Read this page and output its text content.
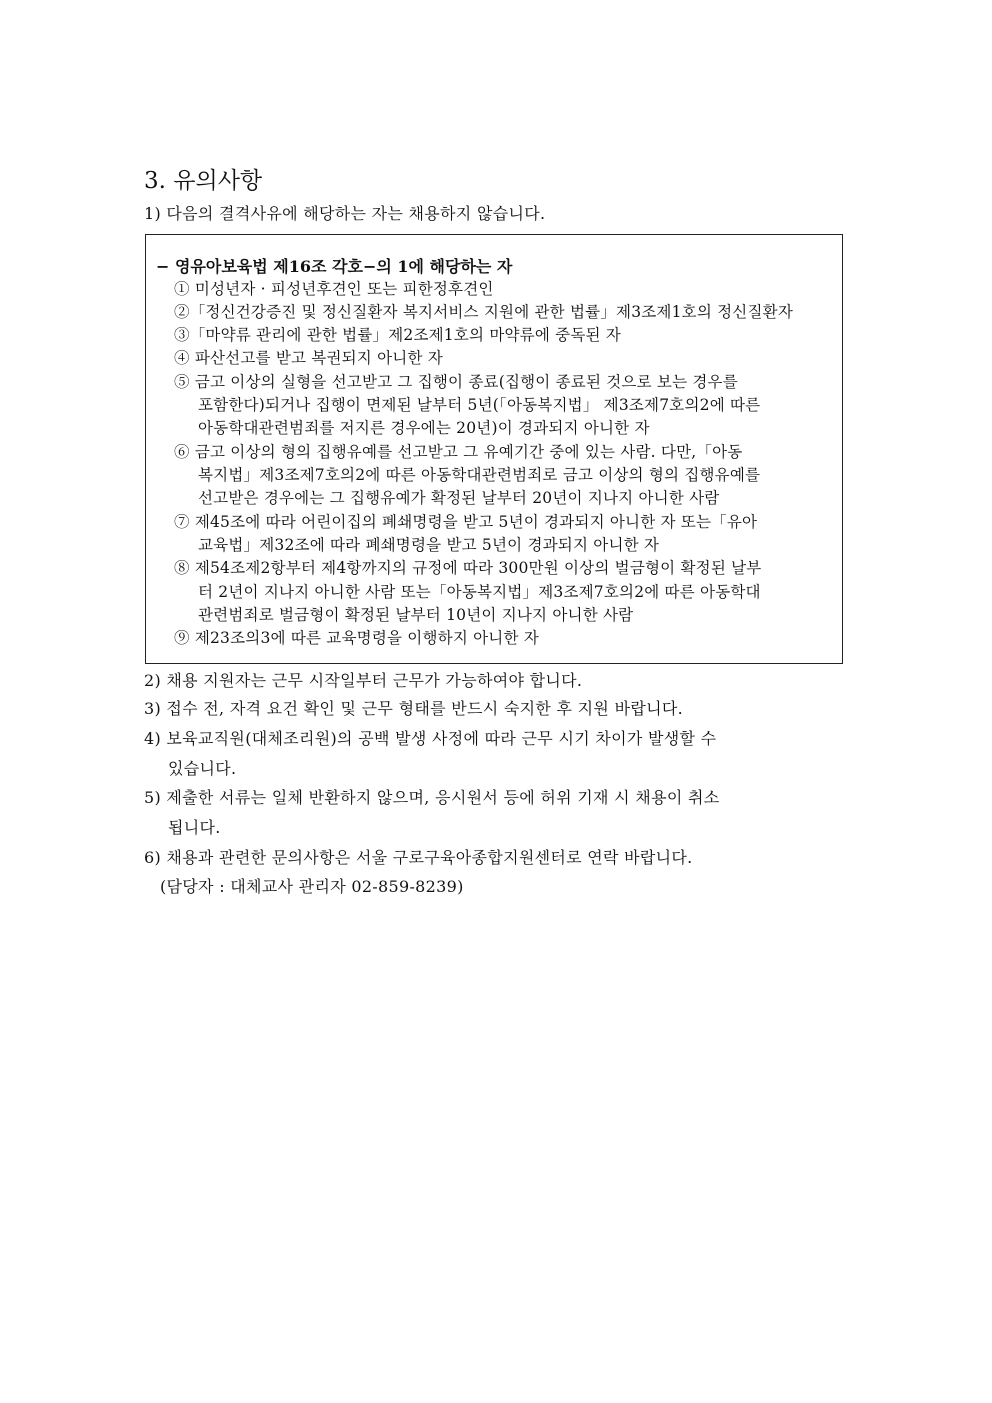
3. 유의사항
1) 다음의 결격사유에 해당하는 자는 채용하지 않습니다.
− 영유아보육법 제16조 각호−의 1에 해당하는 자
① 미성년자 · 피성년후견인 또는 피한정후견인
②「정신건강증진 및 정신질환자 복지서비스 지원에 관한 법률」제3조제1호의 정신질환자
③「마약류 관리에 관한 법률」제2조제1호의 마약류에 중독된 자
④ 파산선고를 받고 복권되지 아니한 자
⑤ 금고 이상의 실형을 선고받고 그 집행이 종료(집행이 종료된 것으로 보는 경우를
포함한다)되거나 집행이 면제된 날부터 5년(「아동복지법」 제3조제7호의2에 따른
아동학대관련범죄를 저지른 경우에는 20년)이 경과되지 아니한 자
⑥ 금고 이상의 형의 집행유예를 선고받고 그 유예기간 중에 있는 사람. 다만,「아동
복지법」제3조제7호의2에 따른 아동학대관련범죄로 금고 이상의 형의 집행유예를
선고받은 경우에는 그 집행유예가 확정된 날부터 20년이 지나지 아니한 사람
⑦ 제45조에 따라 어린이집의 폐쇄명령을 받고 5년이 경과되지 아니한 자 또는「유아
교육법」제32조에 따라 폐쇄명령을 받고 5년이 경과되지 아니한 자
⑧ 제54조제2항부터 제4항까지의 규정에 따라 300만원 이상의 벌금형이 확정된 날부
터 2년이 지나지 아니한 사람 또는「아동복지법」제3조제7호의2에 따른 아동학대
관련범죄로 벌금형이 확정된 날부터 10년이 지나지 아니한 사람
⑨ 제23조의3에 따른 교육명령을 이행하지 아니한 자
2) 채용 지원자는 근무 시작일부터 근무가 가능하여야 합니다.
3) 접수 전, 자격 요건 확인 및 근무 형태를 반드시 숙지한 후 지원 바랍니다.
4) 보육교직원(대체조리원)의 공백 발생 사정에 따라 근무 시기 차이가 발생할 수
있습니다.
5) 제출한 서류는 일체 반환하지 않으며, 응시원서 등에 허위 기재 시 채용이 취소
됩니다.
6) 채용과 관련한 문의사항은 서울 구로구육아종합지원센터로 연락 바랍니다.
(담당자 : 대체교사 관리자 02-859-8239)
